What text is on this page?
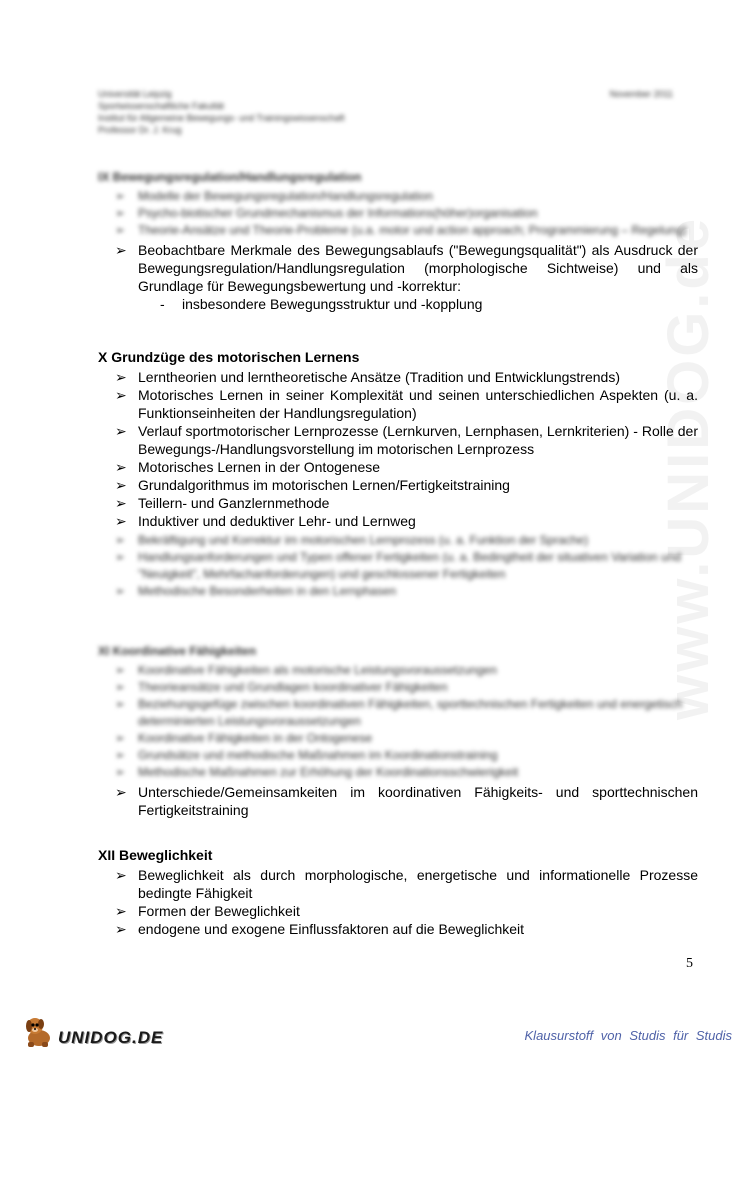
www.UNIDOG.de
Universität Leipzig
Sportwissenschaftliche Fakultät
Institut für Allgemeine Bewegungs- und Trainingswissenschaft
Professor Dr. J. Krug
November 2011
IX Bewegungsregulation/Handlungsregulation
➢ Modelle der Bewegungsregulation/Handlungsregulation
➢ Psycho-biotischer Grundmechanismus der Informations(höher)organisation
➢ Theorie-Ansätze und Theorie-Probleme (u.a. motor und action approach; Programmierung – Regelung)
➢ Beobachtbare Merkmale des Bewegungsablaufs ("Bewegungsqualität") als Ausdruck der Bewegungsregulation/Handlungsregulation (morphologische Sichtweise) und als Grundlage für Bewegungsbewertung und -korrektur:
- insbesondere Bewegungsstruktur und -kopplung
X Grundzüge des motorischen Lernens
➢ Lerntheorien und lerntheoretische Ansätze (Tradition und Entwicklungstrends)
➢ Motorisches Lernen in seiner Komplexität und seinen unterschiedlichen Aspekten (u. a. Funktionseinheiten der Handlungsregulation)
➢ Verlauf sportmotorischer Lernprozesse (Lernkurven, Lernphasen, Lernkriterien) - Rolle der Bewegungs-/Handlungsvorstellung im motorischen Lernprozess
➢ Motorisches Lernen in der Ontogenese
➢ Grundalgorithmus im motorischen Lernen/Fertigkeitstraining
➢ Teillern- und Ganzlernmethode
➢ Induktiver und deduktiver Lehr- und Lernweg
➢ Bekräftigung und Korrektur im motorischen Lernprozess (u. a. Funktion der Sprache)
➢ Handlungsanforderungen und Typen offener Fertigkeiten (u. a. Bedingtheit der situativen Variation und "Neuigkeit", Mehrfachanforderungen) und geschlossener Fertigkeiten
➢ Methodische Besonderheiten in den Lernphasen
XI Koordinative Fähigkeiten
➢ Koordinative Fähigkeiten als motorische Leistungsvoraussetzungen
➢ Theorieansätze und Grundlagen koordinativer Fähigkeiten
➢ Beziehungsgefüge zwischen koordinativen Fähigkeiten, sporttechnischen Fertigkeiten und energetisch determinierten Leistungsvoraussetzungen
➢ Koordinative Fähigkeiten in der Ontogenese
➢ Grundsätze und methodische Maßnahmen im Koordinationstraining
➢ Methodische Maßnahmen zur Erhöhung der Koordinationsschwierigkeit
➢ Unterschiede/Gemeinsamkeiten im koordinativen Fähigkeits- und sporttechnischen Fertigkeitstraining
XII Beweglichkeit
➢ Beweglichkeit als durch morphologische, energetische und informationelle Prozesse bedingte Fähigkeit
➢ Formen der Beweglichkeit
➢ endogene und exogene Einflussfaktoren auf die Beweglichkeit
5
UNIDOG.DE	Klausurstoff von Studis für Studis
